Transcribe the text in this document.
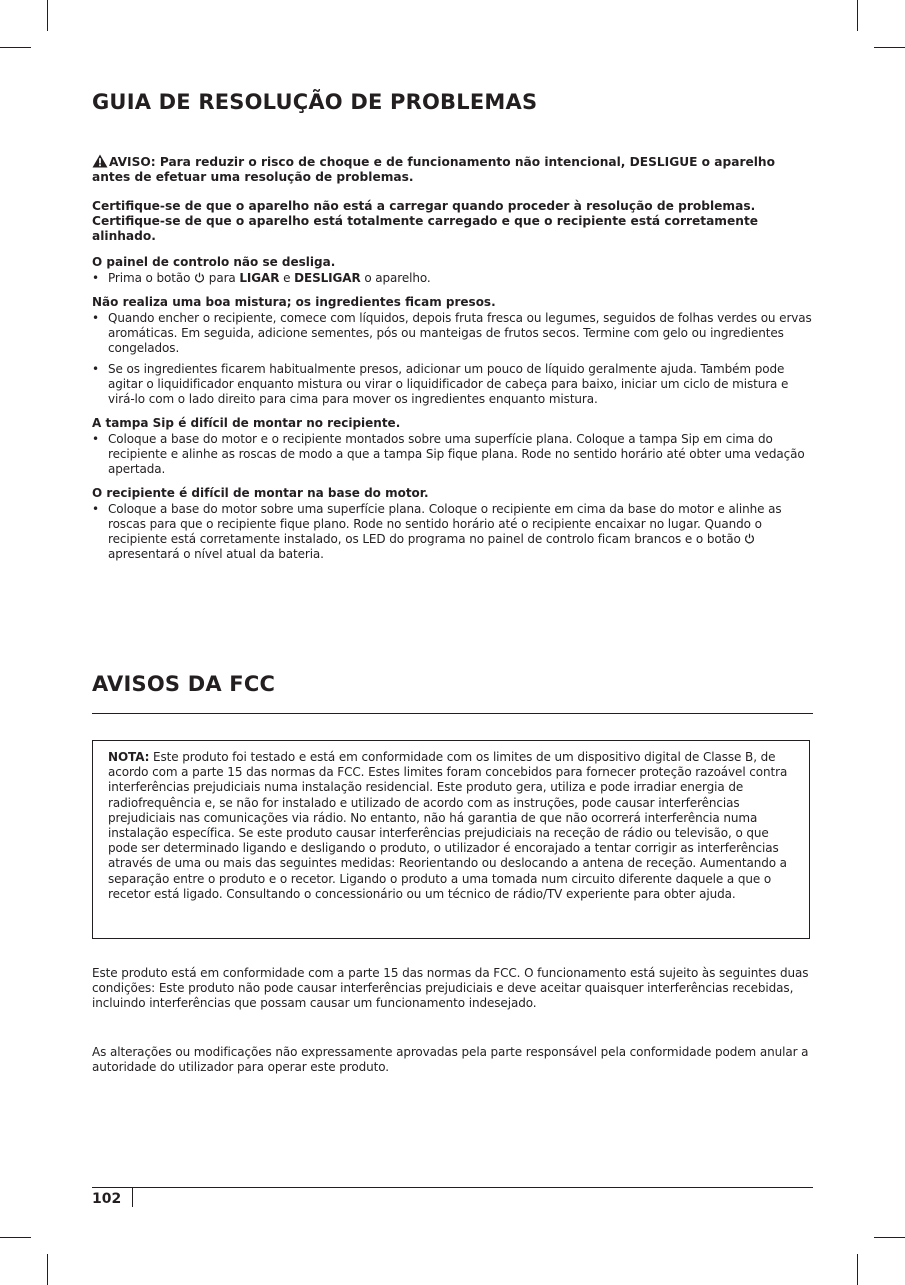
GUIA DE RESOLUÇÃO DE PROBLEMAS
AVISO: Para reduzir o risco de choque e de funcionamento não intencional, DESLIGUE o aparelho antes de efetuar uma resolução de problemas.
Certifique-se de que o aparelho não está a carregar quando proceder à resolução de problemas. Certifique-se de que o aparelho está totalmente carregado e que o recipiente está corretamente alinhado.
O painel de controlo não se desliga.
• Prima o botão  para LIGAR e DESLIGAR o aparelho.
Não realiza uma boa mistura; os ingredientes ficam presos.
• Quando encher o recipiente, comece com líquidos, depois fruta fresca ou legumes, seguidos de folhas verdes ou ervas aromáticas. Em seguida, adicione sementes, pós ou manteigas de frutos secos. Termine com gelo ou ingredientes congelados.
• Se os ingredientes ficarem habitualmente presos, adicionar um pouco de líquido geralmente ajuda. Também pode agitar o liquidificador enquanto mistura ou virar o liquidificador de cabeça para baixo, iniciar um ciclo de mistura e virá-lo com o lado direito para cima para mover os ingredientes enquanto mistura.
A tampa Sip é difícil de montar no recipiente.
• Coloque a base do motor e o recipiente montados sobre uma superfície plana. Coloque a tampa Sip em cima do recipiente e alinhe as roscas de modo a que a tampa Sip fique plana. Rode no sentido horário até obter uma vedação apertada.
O recipiente é difícil de montar na base do motor.
• Coloque a base do motor sobre uma superfície plana. Coloque o recipiente em cima da base do motor e alinhe as roscas para que o recipiente fique plano. Rode no sentido horário até o recipiente encaixar no lugar. Quando o recipiente está corretamente instalado, os LED do programa no painel de controlo ficam brancos e o botão  apresentará o nível atual da bateria.
AVISOS DA FCC
NOTA: Este produto foi testado e está em conformidade com os limites de um dispositivo digital de Classe B, de acordo com a parte 15 das normas da FCC. Estes limites foram concebidos para fornecer proteção razoável contra interferências prejudiciais numa instalação residencial. Este produto gera, utiliza e pode irradiar energia de radiofrequência e, se não for instalado e utilizado de acordo com as instruções, pode causar interferências prejudiciais nas comunicações via rádio. No entanto, não há garantia de que não ocorrerá interferência numa instalação específica. Se este produto causar interferências prejudiciais na receção de rádio ou televisão, o que pode ser determinado ligando e desligando o produto, o utilizador é encorajado a tentar corrigir as interferências através de uma ou mais das seguintes medidas: Reorientando ou deslocando a antena de receção. Aumentando a separação entre o produto e o recetor. Ligando o produto a uma tomada num circuito diferente daquele a que o recetor está ligado. Consultando o concessionário ou um técnico de rádio/TV experiente para obter ajuda.

Este produto está em conformidade com a parte 15 das normas da FCC. O funcionamento está sujeito às seguintes duas condições: Este produto não pode causar interferências prejudiciais e deve aceitar quaisquer interferências recebidas, incluindo interferências que possam causar um funcionamento indesejado.

As alterações ou modificações não expressamente aprovadas pela parte responsável pela conformidade podem anular a autoridade do utilizador para operar este produto.

102
